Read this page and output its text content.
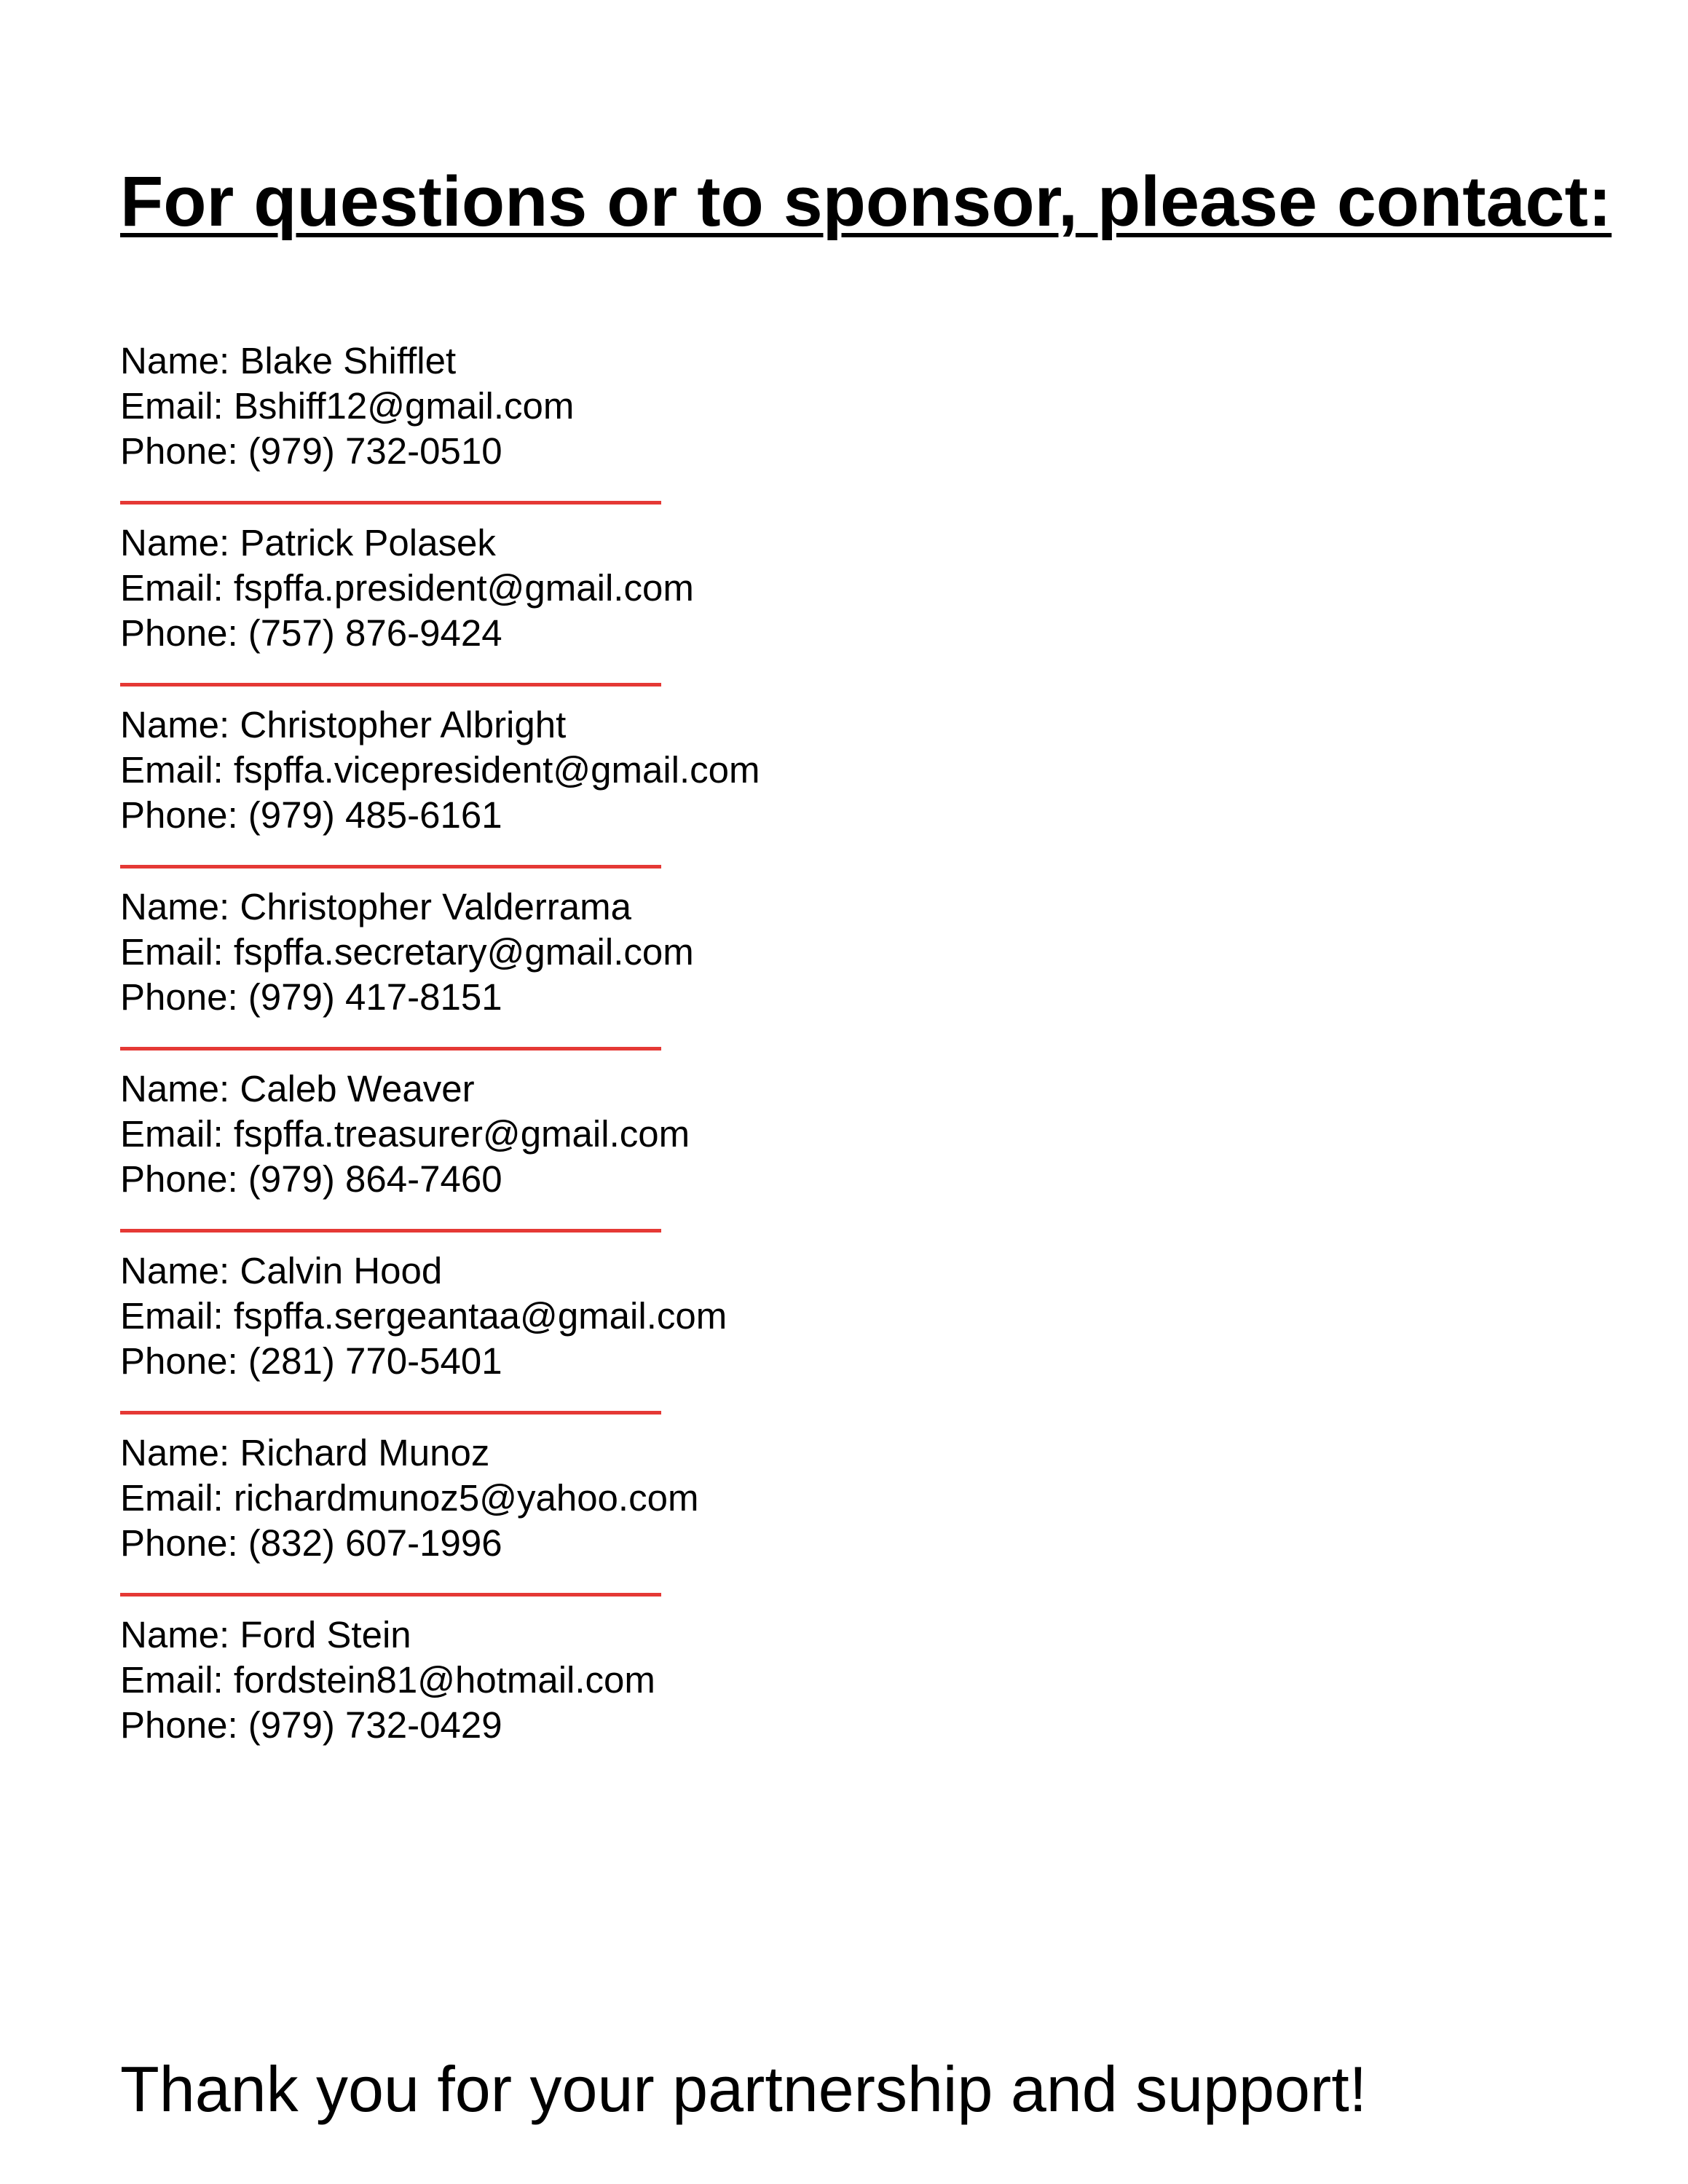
For questions or to sponsor, please contact:
Name: Blake Shifflet
Email: Bshiff12@gmail.com
Phone: (979) 732-0510
Name: Patrick Polasek
Email: fspffa.president@gmail.com
Phone: (757) 876-9424
Name: Christopher Albright
Email: fspffa.vicepresident@gmail.com
Phone: (979) 485-6161
Name: Christopher Valderrama
Email: fspffa.secretary@gmail.com
Phone: (979) 417-8151
Name: Caleb Weaver
Email: fspffa.treasurer@gmail.com
Phone: (979) 864-7460
Name: Calvin Hood
Email: fspffa.sergeantaa@gmail.com
Phone: (281) 770-5401
Name: Richard Munoz
Email: richardmunoz5@yahoo.com
Phone: (832) 607-1996
Name: Ford Stein
Email: fordstein81@hotmail.com
Phone: (979) 732-0429
Thank you for your partnership and support!
